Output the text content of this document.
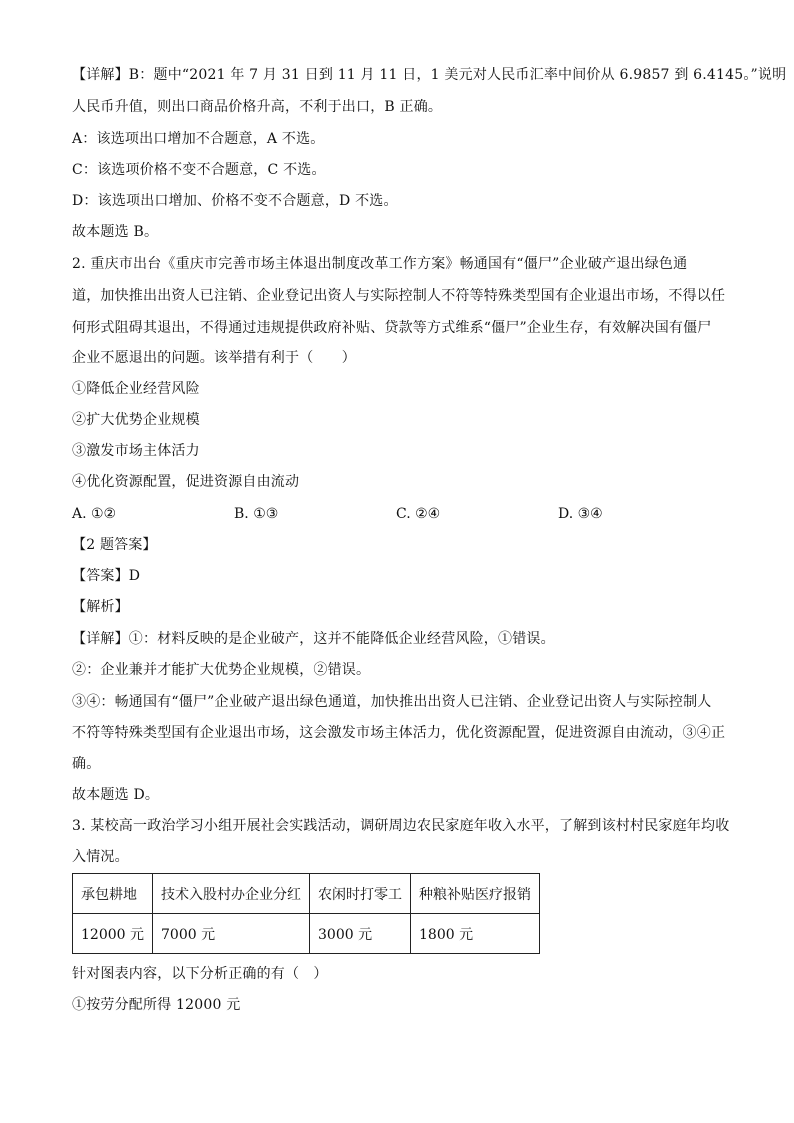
【详解】B：题中“2021 年 7 月 31 日到 11 月 11 日，1 美元对人民币汇率中间价从 6.9857 到 6.4145。”说明
人民币升值，则出口商品价格升高，不利于出口，B 正确。
A：该选项出口增加不合题意，A 不选。
C：该选项价格不变不合题意，C 不选。
D：该选项出口增加、价格不变不合题意，D 不选。
故本题选 B。
2. 重庆市出台《重庆市完善市场主体退出制度改革工作方案》畅通国有“僵尸”企业破产退出绿色通
道，加快推出出资人已注销、企业登记出资人与实际控制人不符等特殊类型国有企业退出市场，不得以任
何形式阻碍其退出，不得通过违规提供政府补贴、贷款等方式维系“僵尸”企业生存，有效解决国有僵尸
企业不愿退出的问题。该举措有利于（　　）
①降低企业经营风险
②扩大优势企业规模
③激发市场主体活力
④优化资源配置，促进资源自由流动
A. ①②	B. ①③	C. ②④	D. ③④
【2 题答案】
【答案】D
【解析】
【详解】①：材料反映的是企业破产，这并不能降低企业经营风险，①错误。
②：企业兼并才能扩大优势企业规模，②错误。
③④：畅通国有“僵尸”企业破产退出绿色通道，加快推出出资人已注销、企业登记出资人与实际控制人
不符等特殊类型国有企业退出市场，这会激发市场主体活力，优化资源配置，促进资源自由流动，③④正
确。
故本题选 D。
3. 某校高一政治学习小组开展社会实践活动，调研周边农民家庭年收入水平，了解到该村村民家庭年均收
入情况。
承包耕地	技术入股村办企业分红	农闲时打零工	种粮补贴医疗报销
12000 元	7000 元	3000 元	1800 元
针对图表内容，以下分析正确的有（　）
①按劳分配所得 12000 元
